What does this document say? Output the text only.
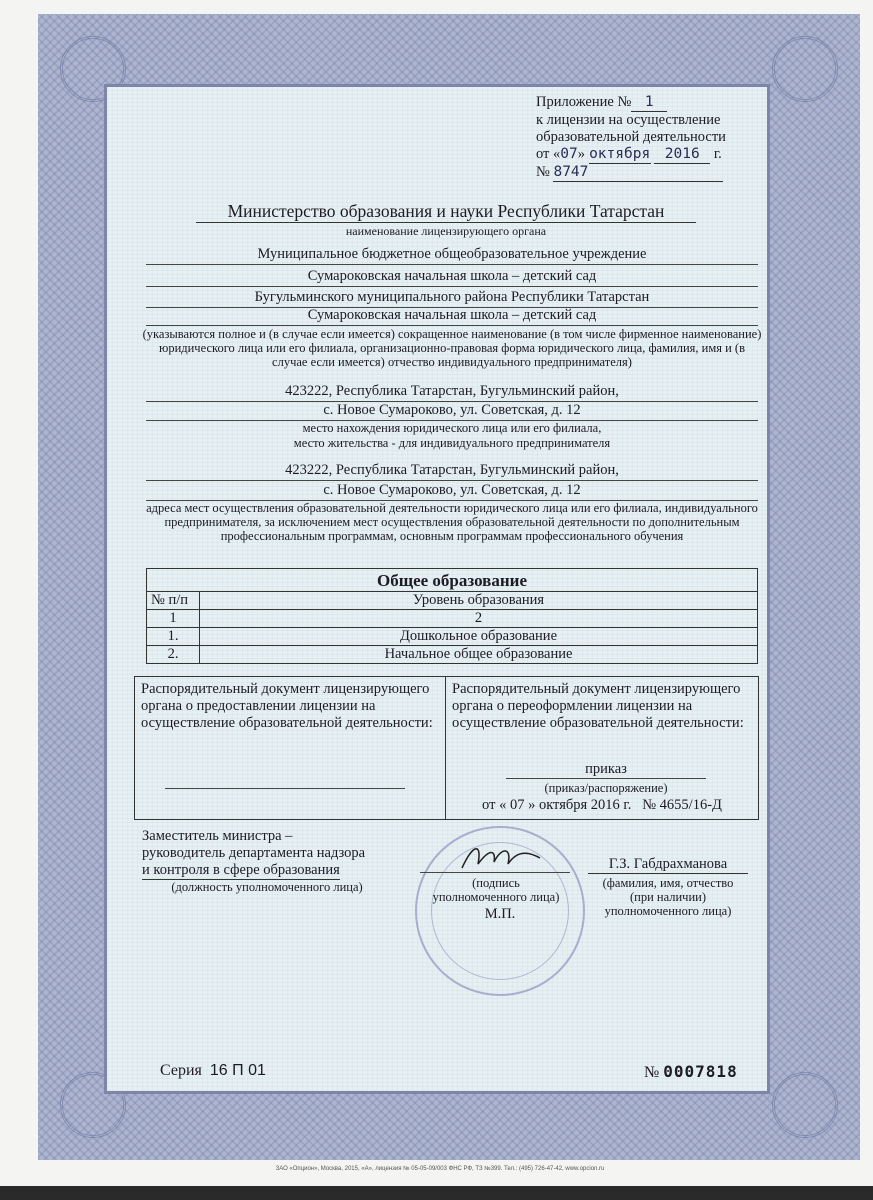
Приложение № 1
к лицензии на осуществление
образовательной деятельности
от «07» октября 2016 г.
№ 8747
Министерство образования и науки Республики Татарстан
наименование лицензирующего органа
Муниципальное бюджетное общеобразовательное учреждение
Сумароковская начальная школа – детский сад
Бугульминского муниципального района Республики Татарстан
Сумароковская начальная школа – детский сад
(указываются полное и (в случае если имеется) сокращенное наименование (в том числе фирменное наименование) юридического лица или его филиала, организационно-правовая форма юридического лица, фамилия, имя и (в случае если имеется) отчество индивидуального предпринимателя)
423222, Республика Татарстан, Бугульминский район,
с. Новое Сумароково, ул. Советская, д. 12
место нахождения юридического лица или его филиала,
место жительства - для индивидуального предпринимателя
423222, Республика Татарстан, Бугульминский район,
с. Новое Сумароково, ул. Советская, д. 12
адреса мест осуществления образовательной деятельности юридического лица или его филиала, индивидуального предпринимателя, за исключением мест осуществления образовательной деятельности по дополнительным профессиональным программам, основным программам профессионального обучения
Общее образование	
№ п/п	Уровень образования
1	2
1.	Дошкольное образование
2.	Начальное общее образование
Распорядительный документ лицензирующего органа о предоставлении лицензии на осуществление образовательной деятельности:
Распорядительный документ лицензирующего органа о переоформлении лицензии на осуществление образовательной деятельности:
приказ
(приказ/распоряжение)
от « 07 » октября 2016 г.   № 4655/16-Д
Заместитель министра –
руководитель департамента надзора
и контроля в сфере образования
(должность уполномоченного лица)	(подпись
уполномоченного лица)
М.П.
Г.З. Габдрахманова
(фамилия, имя, отчество
(при наличии)
уполномоченного лица)
Серия 16 П 01	№ 0007818
ЗАО «Опцион», Москва, 2015, «А», лицензия № 05-05-09/003 ФНС РФ, ТЗ №399. Тел.: (495) 726-47-42, www.opcion.ru
